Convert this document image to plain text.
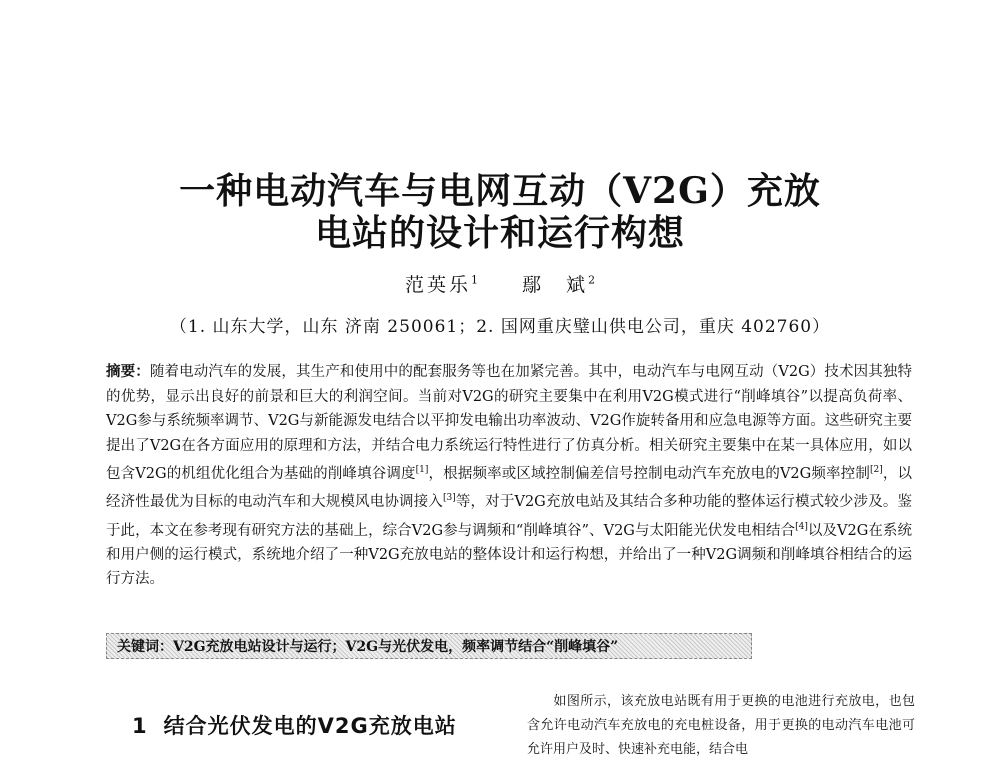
一种电动汽车与电网互动（V2G）充放
电站的设计和运行构想
范英乐$^1$ 鄢　斌$^2$
（1. 山东大学，山东 济南 250061；2. 国网重庆璧山供电公司，重庆 402760）
摘要：随着电动汽车的发展，其生产和使用中的配套服务等也在加紧完善。其中，电动汽车与电网互动（V2G）技术因其独特的优势，显示出良好的前景和巨大的利润空间。当前对V2G的研究主要集中在利用V2G模式进行“削峰填谷”以提高负荷率、V2G参与系统频率调节、V2G与新能源发电结合以平抑发电输出功率波动、V2G作旋转备用和应急电源等方面。这些研究主要提出了V2G在各方面应用的原理和方法，并结合电力系统运行特性进行了仿真分析。相关研究主要集中在某一具体应用，如以包含V2G的机组优化组合为基础的削峰填谷调度[1]，根据频率或区域控制偏差信号控制电动汽车充放电的V2G频率控制[2]，以经济性最优为目标的电动汽车和大规模风电协调接入[3]等，对于V2G充放电站及其结合多种功能的整体运行模式较少涉及。鉴于此，本文在参考现有研究方法的基础上，综合V2G参与调频和“削峰填谷”、V2G与太阳能光伏发电相结合[4]以及V2G在系统和用户侧的运行模式，系统地介绍了一种V2G充放电站的整体设计和运行构想，并给出了一种V2G调频和削峰填谷相结合的运行方法。
关键词：V2G充放电站设计与运行；V2G与光伏发电，频率调节结合“削峰填谷”
1 结合光伏发电的V2G充放电站
如图所示，该充放电站既有用于更换的电池进行充放电，也包含允许电动汽车充放电的充电桩设备，用于更换的电动汽车电池可允许用户及时、快速补充电能，结合电
